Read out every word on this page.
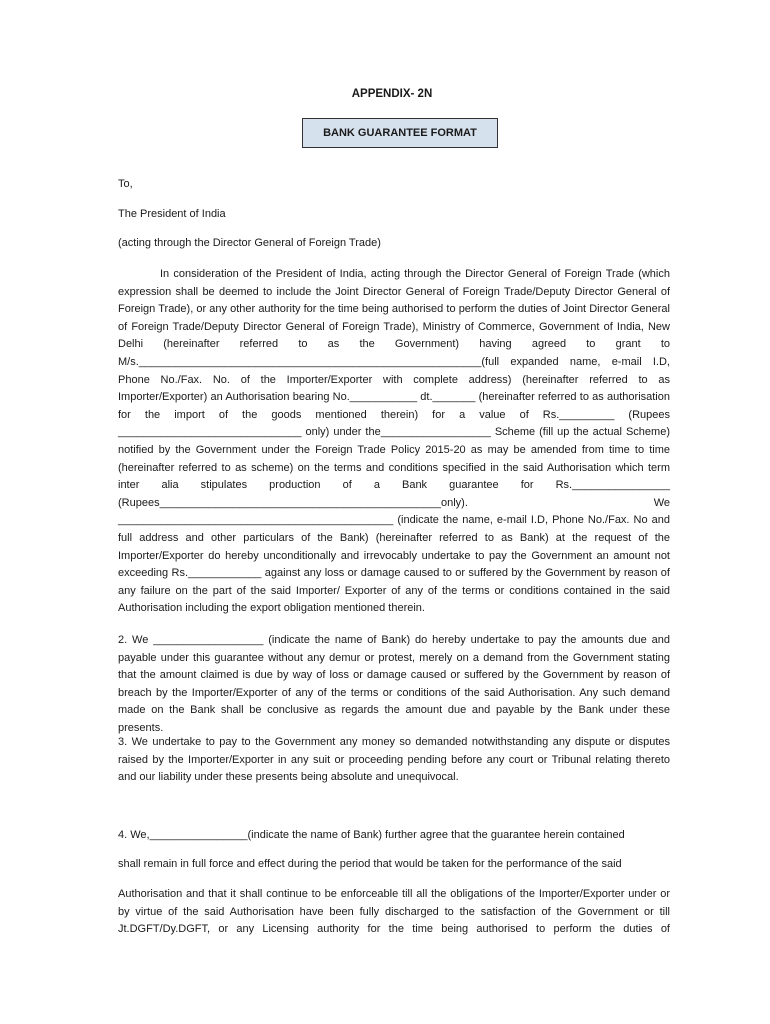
APPENDIX- 2N
BANK GUARANTEE FORMAT
To,
The President of India
(acting through the Director General of Foreign Trade)

In consideration of the President of India, acting through the Director General of Foreign Trade (which expression shall be deemed to include the Joint Director General of Foreign Trade/Deputy Director General of Foreign Trade), or any other authority for the time being authorised to perform the duties of Joint Director General of Foreign Trade/Deputy Director General of Foreign Trade), Ministry of Commerce, Government of India, New Delhi (hereinafter referred to as the Government) having agreed to grant to M/s.________________________________________________________(full expanded name, e-mail I.D, Phone No./Fax. No. of the Importer/Exporter with complete address) (hereinafter referred to as Importer/Exporter) an Authorisation bearing No.___________ dt._______ (hereinafter referred to as authorisation for the import of the goods mentioned therein) for a value of Rs._________ (Rupees ______________________________ only) under the__________________ Scheme (fill up the actual Scheme) notified by the Government under the Foreign Trade Policy 2015-20 as may be amended from time to time (hereinafter referred to as scheme) on the terms and conditions specified in the said Authorisation which term inter alia stipulates production of a Bank guarantee for Rs.________________ (Rupees______________________________________________only). We _____________________________________________ (indicate the name, e-mail I.D, Phone No./Fax. No and full address and other particulars of the Bank) (hereinafter referred to as Bank) at the request of the Importer/Exporter do hereby unconditionally and irrevocably undertake to pay the Government an amount not exceeding Rs.____________ against any loss or damage caused to or suffered by the Government by reason of any failure on the part of the said Importer/ Exporter of any of the terms or conditions contained in the said Authorisation including the export obligation mentioned therein.

2. We __________________ (indicate the name of Bank) do hereby undertake to pay the amounts due and payable under this guarantee without any demur or protest, merely on a demand from the Government stating that the amount claimed is due by way of loss or damage caused or suffered by the Government by reason of breach by the Importer/Exporter of any of the terms or conditions of the said Authorisation. Any such demand made on the Bank shall be conclusive as regards the amount due and payable by the Bank under these presents.

3. We undertake to pay to the Government any money so demanded notwithstanding any dispute or disputes raised by the Importer/Exporter in any suit or proceeding pending before any court or Tribunal relating thereto and our liability under these presents being absolute and unequivocal.

4. We,________________(indicate the name of Bank) further agree that the guarantee herein contained
shall remain in full force and effect during the period that would be taken for the performance of the said

Authorisation and that it shall continue to be enforceable till all the obligations of the Importer/Exporter under or by virtue of the said Authorisation have been fully discharged to the satisfaction of the Government or till Jt.DGFT/Dy.DGFT, or any Licensing authority for the time being authorised to perform the duties of
